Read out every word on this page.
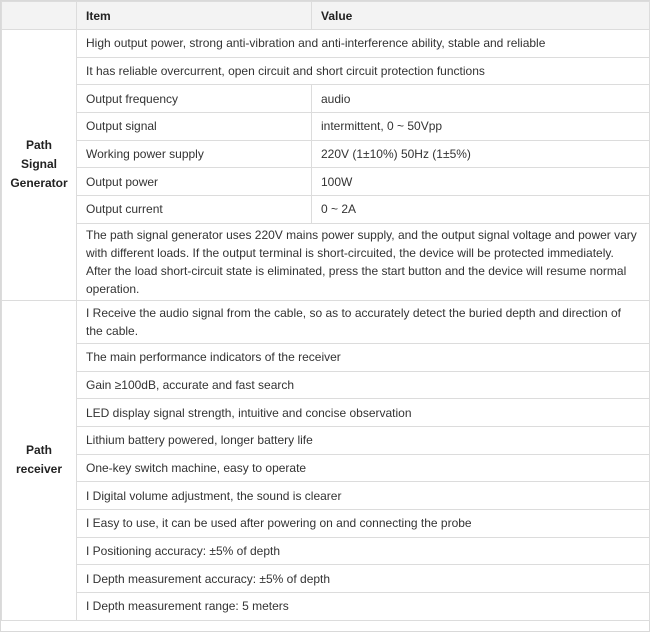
	Item	Value
Path
Signal
Generator	High output power, strong anti-vibration and anti-interference ability, stable and reliable	
	It has reliable overcurrent, open circuit and short circuit protection functions	
	Output frequency	audio
	Output signal	intermittent, 0 ~ 50Vpp
	Working power supply	220V (1±10%) 50Hz (1±5%)
	Output power	100W
	Output current	0 ~ 2A
	The path signal generator uses 220V mains power supply, and the output signal voltage and power vary with different loads. If the output terminal is short-circuited, the device will be protected immediately. After the load short-circuit state is eliminated, press the start button and the device will resume normal operation.	
Path
receiver	I Receive the audio signal from the cable, so as to accurately detect the buried depth and direction of the cable.	
	The main performance indicators of the receiver	
	Gain ≥100dB, accurate and fast search	
	LED display signal strength, intuitive and concise observation	
	Lithium battery powered, longer battery life	
	One-key switch machine, easy to operate	
	I Digital volume adjustment, the sound is clearer	
	I Easy to use, it can be used after powering on and connecting the probe	
	I Positioning accuracy: ±5% of depth	
	I Depth measurement accuracy: ±5% of depth	
	I Depth measurement range: 5 meters	
